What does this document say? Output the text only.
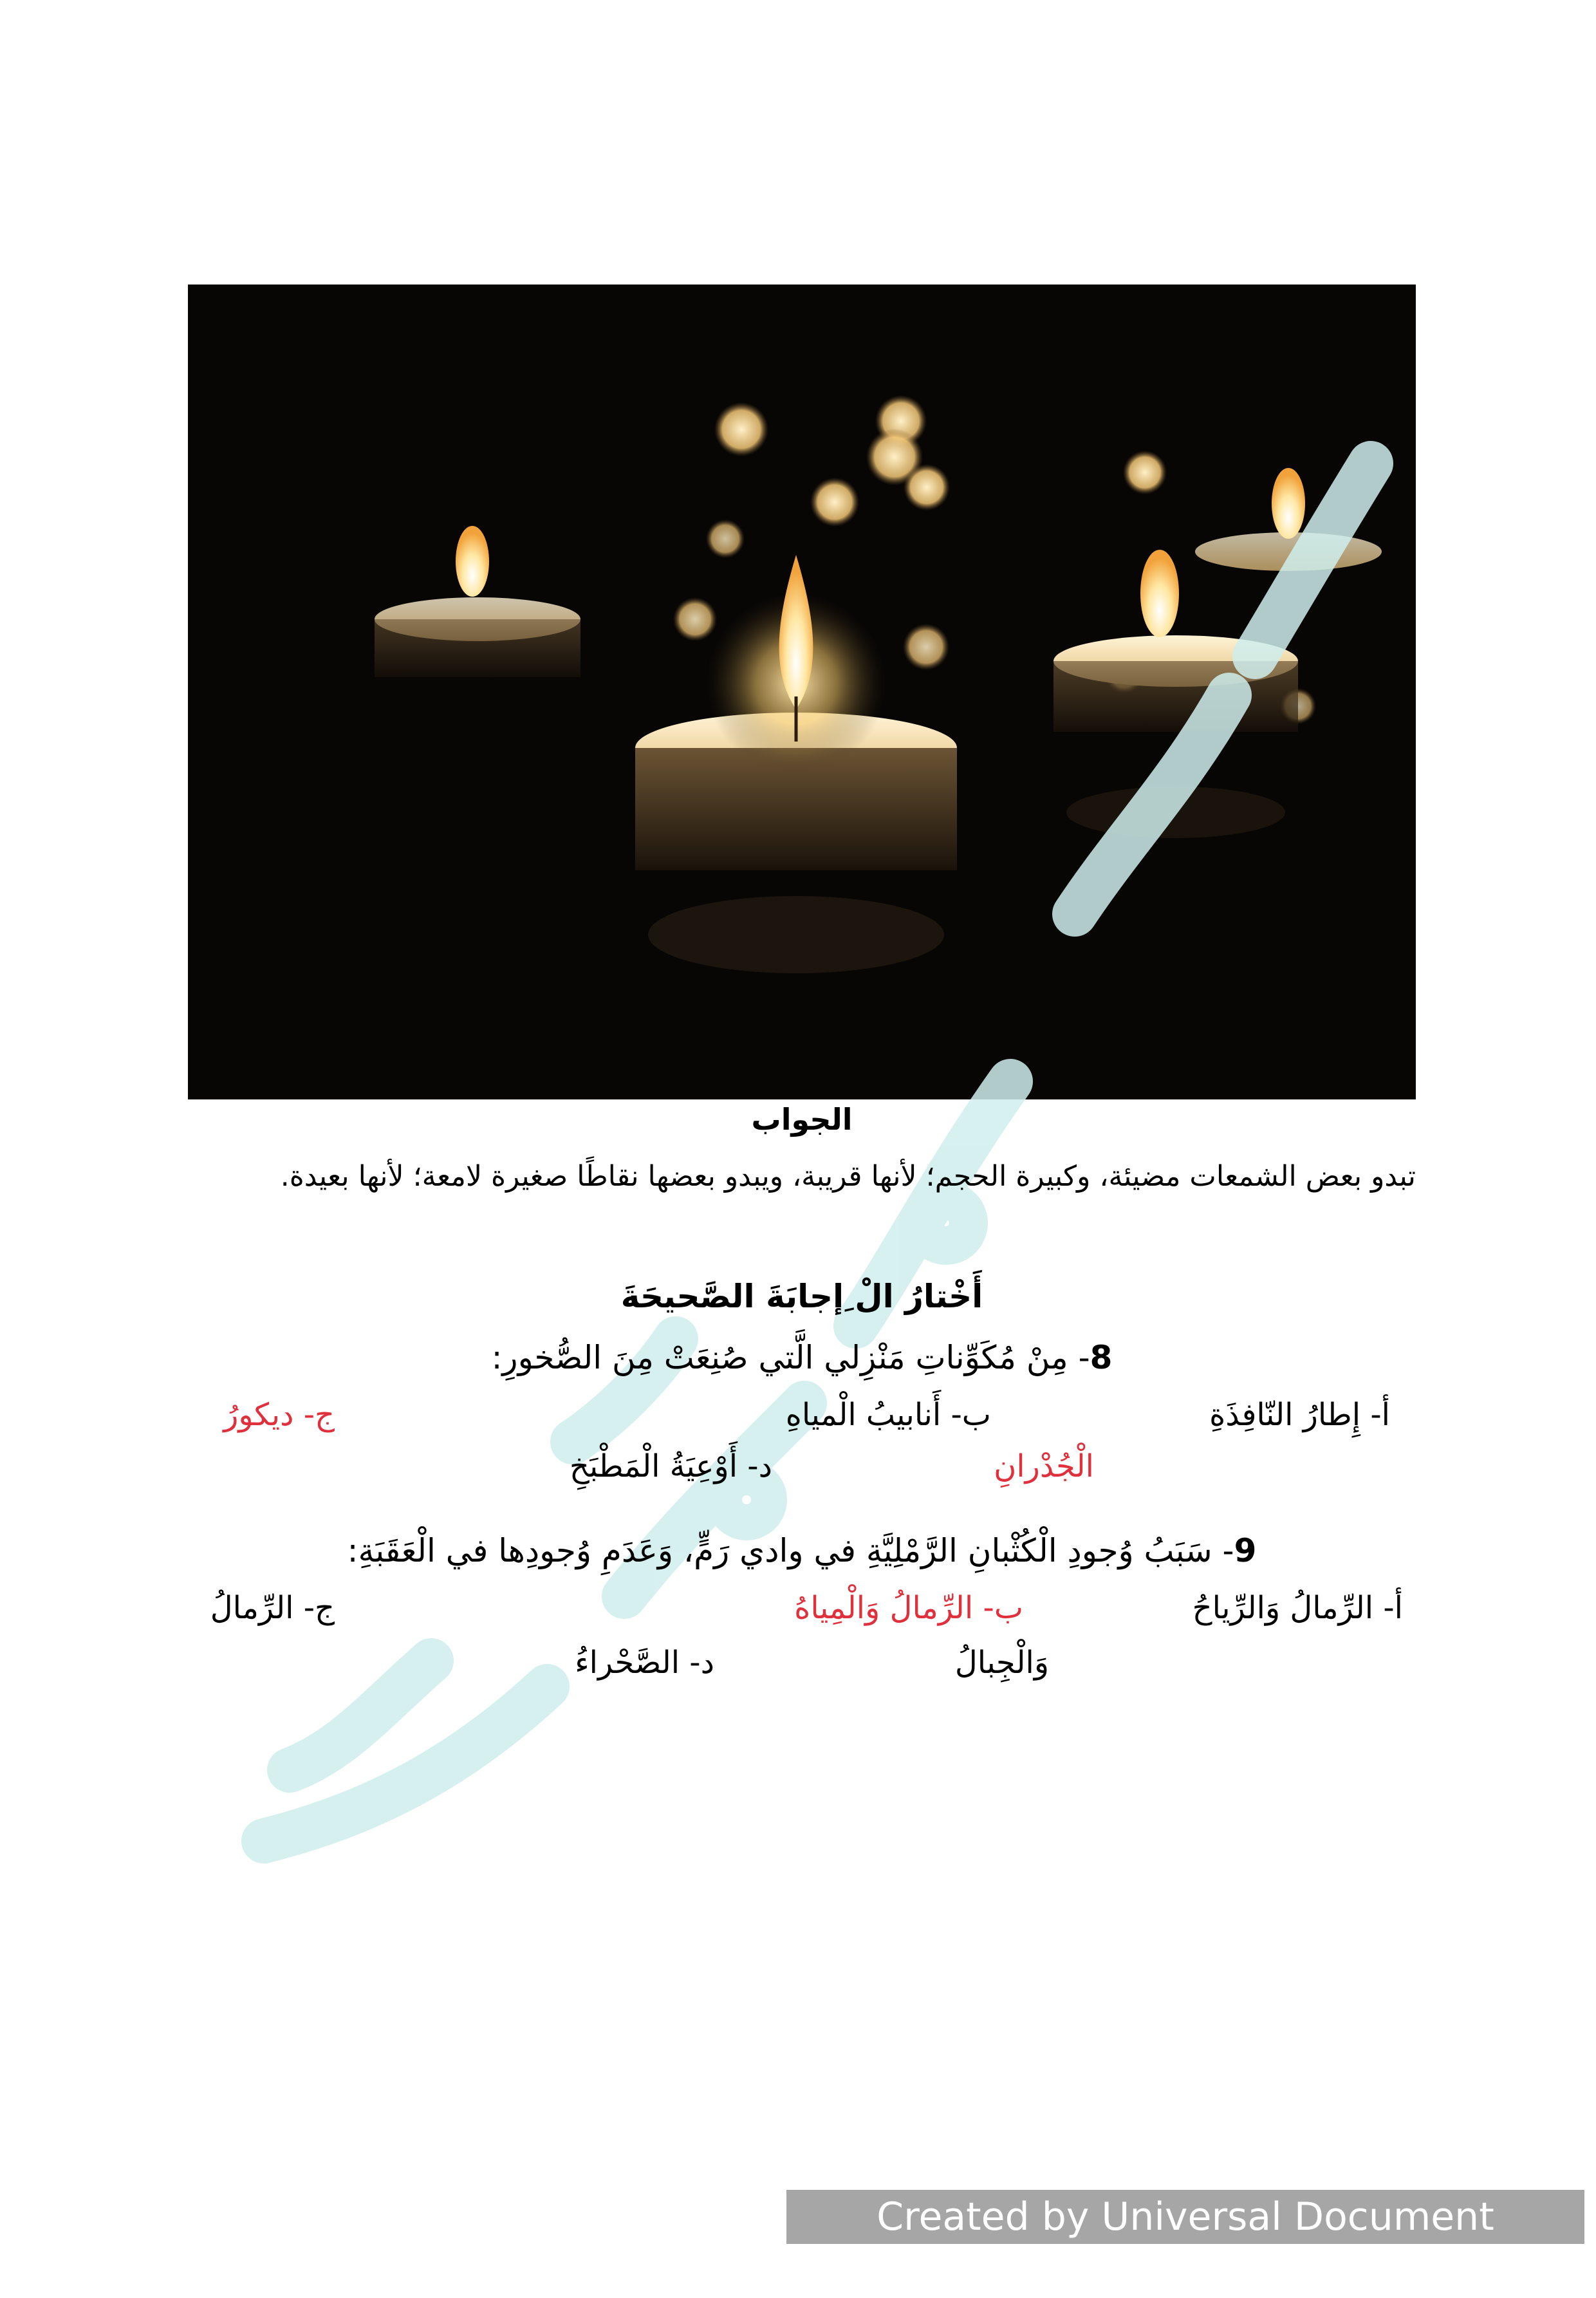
الجواب
تبدو بعض الشمعات مضيئة، وكبيرة الحجم؛ لأنها قريبة، ويبدو بعضها نقاطًا صغيرة لامعة؛ لأنها بعيدة.
أَخْتارُ الْ ِإجابَةَ الصَّحيحَةَ
8- مِنْ مُكَوِّناتِ مَنْزِلي الَّتي صُنِعَتْ مِنَ الصُّخورِ:
أ- إِطارُ النّافِذَةِ
ب- أَنابيبُ الْمياهِ
ج- ديكورُ
الْجُدْرانِ
د- أَوْعِيَةُ الْمَطْبَخِ
9- سَبَبُ وُجودِ الْكُثْبانِ الرَّمْلِيَّةِ في وادي رَمٍّ، وَعَدَمِ وُجودِها في الْعَقَبَةِ:
أ- الرِّمالُ وَالرِّياحُ
ب- الرِّمالُ وَالْمِياهُ
ج- الرِّمالُ
وَالْجِبالُ
د- الصَّحْراءُ
Created by Universal Document Converter
